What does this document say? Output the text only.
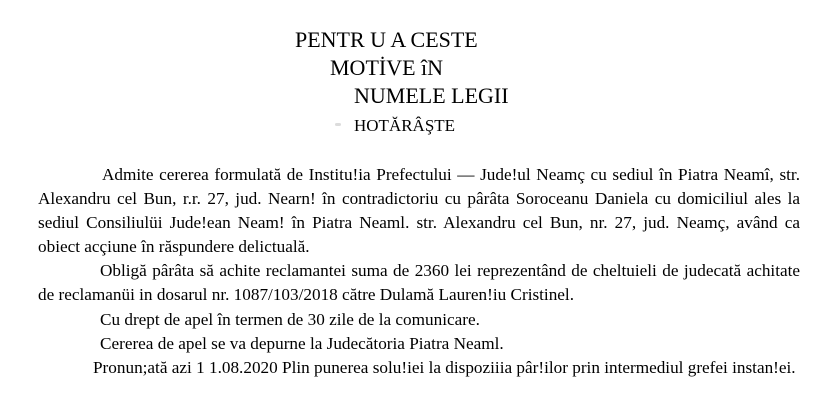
PENTR U A CESTE
MOTİVE îN
NUMELE LEGII
HOTĂRÂŞTE

Admite cererea formulată de Institu!ia Prefectului — Jude!ul Neamç cu sediul în Piatra Neamî, str. Alexandru cel Bun, r.r. 27, jud. Nearn! în contradictoriu cu pârâta Soroceanu Daniela cu domiciliul ales la sediul Consiliulüi Jude!ean Neam! în Piatra Neaml. str. Alexandru cel Bun, nr. 27, jud. Neamç, având ca obiect acçiune în răspundere delictuală.

Obligă pârâta să achite reclamantei suma de 2360 lei reprezentând de cheltuieli de judecată achitate de reclamanüi in dosarul nr. 1087/103/2018 către Dulamă Lauren!iu Cristinel.

Cu drept de apel în termen de 30 zile de la comunicare.

Cererea de apel se va depurne la Judecătoria Piatra Neaml.

Pronun;ată azi 1 1.08.2020 Plin punerea solu!iei la dispoziiia pâr!ilor prin intermediul grefei instan!ei.
